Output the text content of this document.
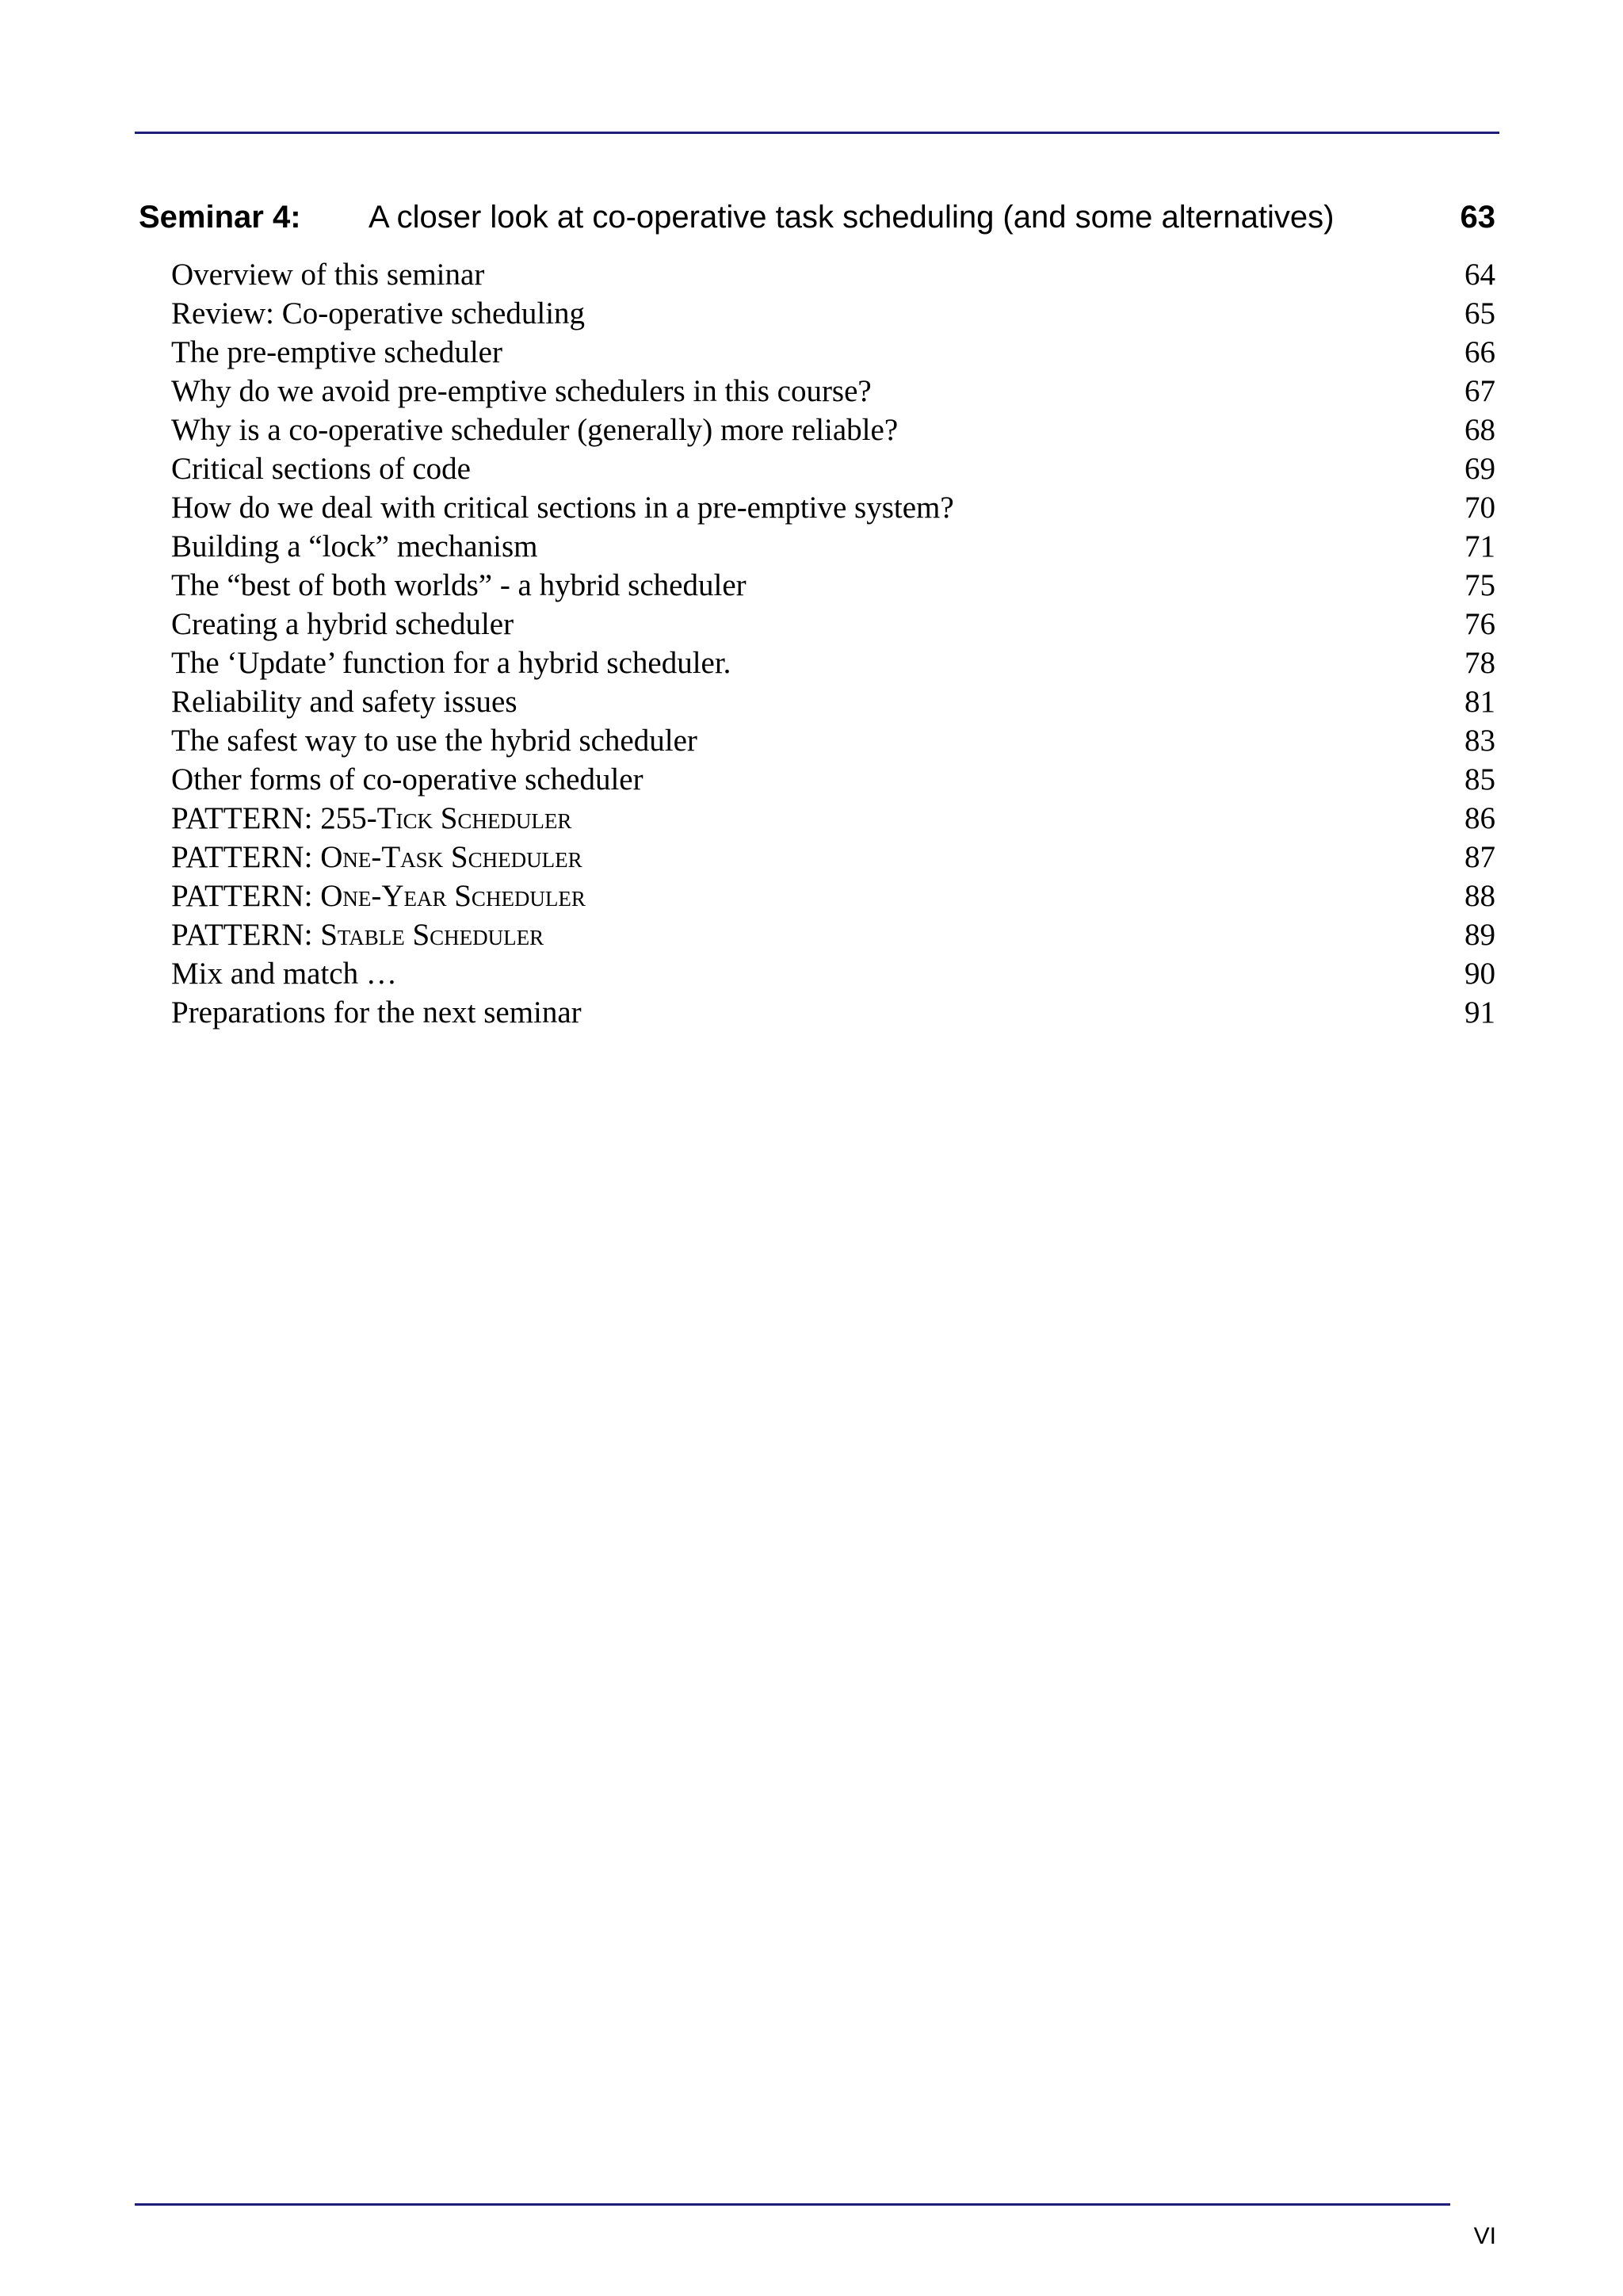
Seminar 4: A closer look at co-operative task scheduling (and some alternatives)	63
Overview of this seminar	64
Review: Co-operative scheduling	65
The pre-emptive scheduler	66
Why do we avoid pre-emptive schedulers in this course?	67
Why is a co-operative scheduler (generally) more reliable?	68
Critical sections of code	69
How do we deal with critical sections in a pre-emptive system?	70
Building a “lock” mechanism	71
The “best of both worlds” - a hybrid scheduler	75
Creating a hybrid scheduler	76
The ‘Update’ function for a hybrid scheduler.	78
Reliability and safety issues	81
The safest way to use the hybrid scheduler	83
Other forms of co-operative scheduler	85
PATTERN: 255-Tick Scheduler	86
PATTERN: One-Task Scheduler	87
PATTERN: One-Year Scheduler	88
PATTERN: Stable Scheduler	89
Mix and match …	90
Preparations for the next seminar	91
VI
